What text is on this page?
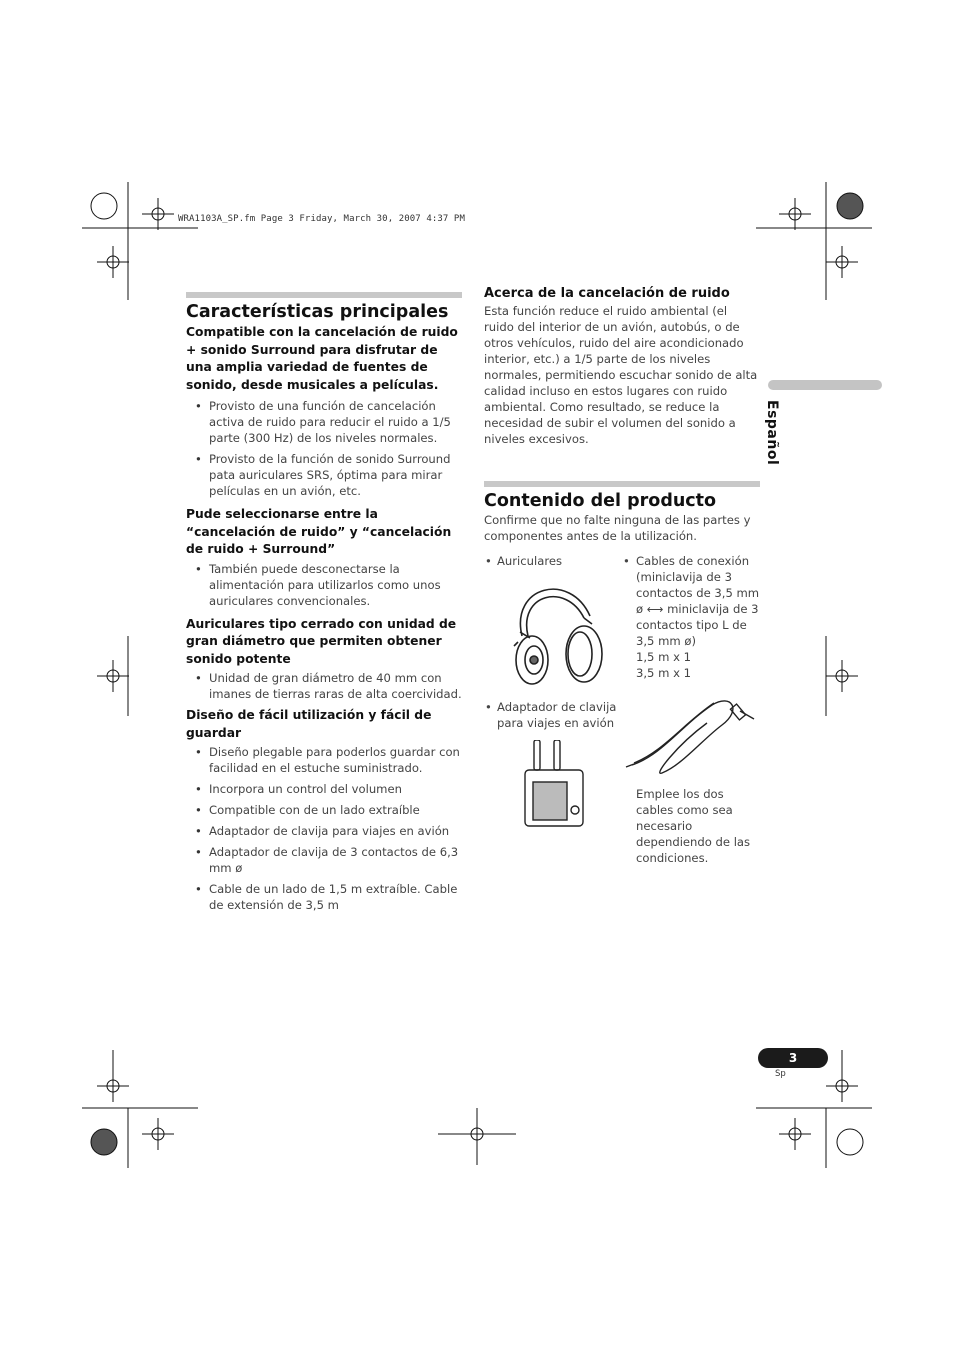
WRA1103A_SP.fm Page 3 Friday, March 30, 2007 4:37 PM
Características principales
Compatible con la cancelación de ruido + sonido Surround para disfrutar de una amplia variedad de fuentes de sonido, desde musicales a películas.
• Provisto de una función de cancelación activa de ruido para reducir el ruido a 1/5 parte (300 Hz) de los niveles normales.
• Provisto de la función de sonido Surround pata auriculares SRS, óptima para mirar películas en un avión, etc.
Pude seleccionarse entre la “cancelación de ruido” y “cancelación de ruido + Surround”
• También puede desconectarse la alimentación para utilizarlos como unos auriculares convencionales.
Auriculares tipo cerrado con unidad de gran diámetro que permiten obtener sonido potente
• Unidad de gran diámetro de 40 mm con imanes de tierras raras de alta coercividad.
Diseño de fácil utilización y fácil de guardar
• Diseño plegable para poderlos guardar con facilidad en el estuche suministrado.
• Incorpora un control del volumen
• Compatible con de un lado extraíble
• Adaptador de clavija para viajes en avión
• Adaptador de clavija de 3 contactos de 6,3 mm ø
• Cable de un lado de 1,5 m extraíble. Cable de extensión de 3,5 m
Acerca de la cancelación de ruido
Esta función reduce el ruido ambiental (el ruido del interior de un avión, autobús, o de otros vehículos, ruido del aire acondicionado interior, etc.) a 1/5 parte de los niveles normales, permitiendo escuchar sonido de alta calidad incluso en estos lugares con ruido ambiental. Como resultado, se reduce la necesidad de subir el volumen del sonido a niveles excesivos.
Contenido del producto
Confirme que no falte ninguna de las partes y componentes antes de la utilización.
• Auriculares	• Cables de conexión (miniclavija de 3 contactos de 3,5 mm ø ⟷ miniclavija de 3 contactos tipo L de 3,5 mm ø)
1,5 m x 1
3,5 m x 1
• Adaptador de clavija para viajes en avión
Emplee los dos cables como sea necesario dependiendo de las condiciones.
Español
3
Sp
